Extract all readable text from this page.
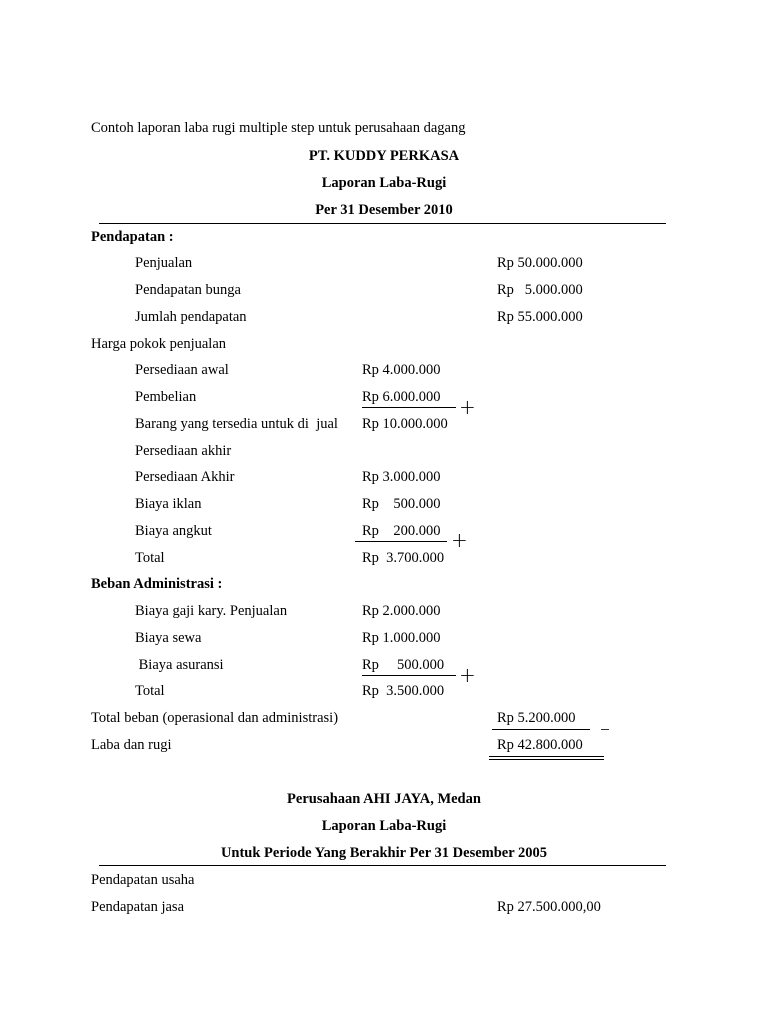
Contoh laporan laba rugi multiple step untuk perusahaan dagang
PT. KUDDY PERKASA
Laporan Laba-Rugi
Per 31 Desember 2010
Pendapatan :
Penjualan	Rp 50.000.000
Pendapatan bunga	Rp   5.000.000
Jumlah pendapatan	Rp 55.000.000
Harga pokok penjualan
Persediaan awal	Rp 4.000.000
Pembelian	Rp 6.000.000 +
Barang yang tersedia untuk di  jual Rp 10.000.000
Persediaan akhir
Persediaan Akhir	Rp 3.000.000
Biaya iklan	Rp    500.000
Biaya angkut	Rp    200.000 +
Total	Rp  3.700.000
Beban Administrasi :
Biaya gaji kary. Penjualan	Rp 2.000.000
Biaya sewa	Rp 1.000.000
Biaya asuransi	Rp     500.000 +
Total	Rp  3.500.000
Total beban (operasional dan administrasi)	Rp 5.200.000 –
Laba dan rugi	Rp 42.800.000
Perusahaan AHI JAYA, Medan
Laporan Laba-Rugi
Untuk Periode Yang Berakhir Per 31 Desember 2005
Pendapatan usaha
Pendapatan jasa	Rp 27.500.000,00
